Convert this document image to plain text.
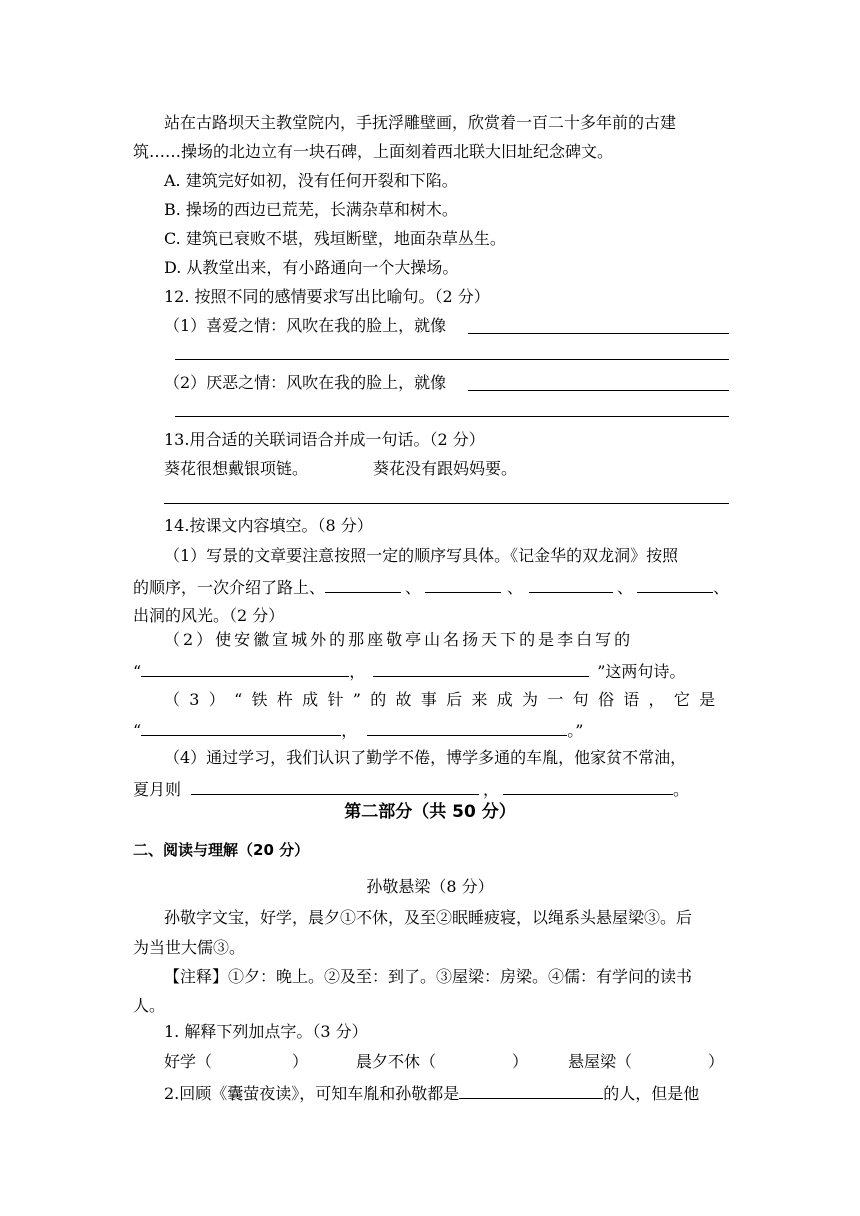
站在古路坝天主教堂院内，手抚浮雕壁画，欣赏着一百二十多年前的古建
筑……操场的北边立有一块石碑，上面刻着西北联大旧址纪念碑文。
A. 建筑完好如初，没有任何开裂和下陷。
B. 操场的西边已荒芜，长满杂草和树木。
C. 建筑已衰败不堪，残垣断壁，地面杂草丛生。
D. 从教堂出来，有小路通向一个大操场。
12. 按照不同的感情要求写出比喻句。（2 分）
（1）喜爱之情：风吹在我的脸上，就像
（2）厌恶之情：风吹在我的脸上，就像
13.用合适的关联词语合并成一句话。（2 分）
葵花很想戴银项链。	葵花没有跟妈妈要。
14.按课文内容填空。（8 分）
（1）写景的文章要注意按照一定的顺序写具体。《记金华的双龙洞》按照
的顺序，一次介绍了路上、	、	、	、	、
出洞的风光。（2 分）
（2）使安徽宣城外的那座敬亭山名扬天下的是李白写的
“	，	”这两句诗。
（3）“铁杵成针”的故事后来成为一句俗语，它是
“	，	。”
（4）通过学习，我们认识了勤学不倦，博学多通的车胤，他家贫不常油，
夏月则	，	。
第二部分（共 50 分）
二、阅读与理解（20 分）
孙敬悬梁（8 分）
孙敬字文宝，好学，晨夕①不休，及至②眠睡疲寝，以绳系头悬屋梁③。后
为当世大儒③。
【注释】①夕：晚上。②及至：到了。③屋梁：房梁。④儒：有学问的读书
人。
1. 解释下列加点字。（3 分）
好学（	）	晨夕不休（	） 悬屋梁（	）
2.回顾《囊萤夜读》，可知车胤和孙敬都是	的人，但是他
